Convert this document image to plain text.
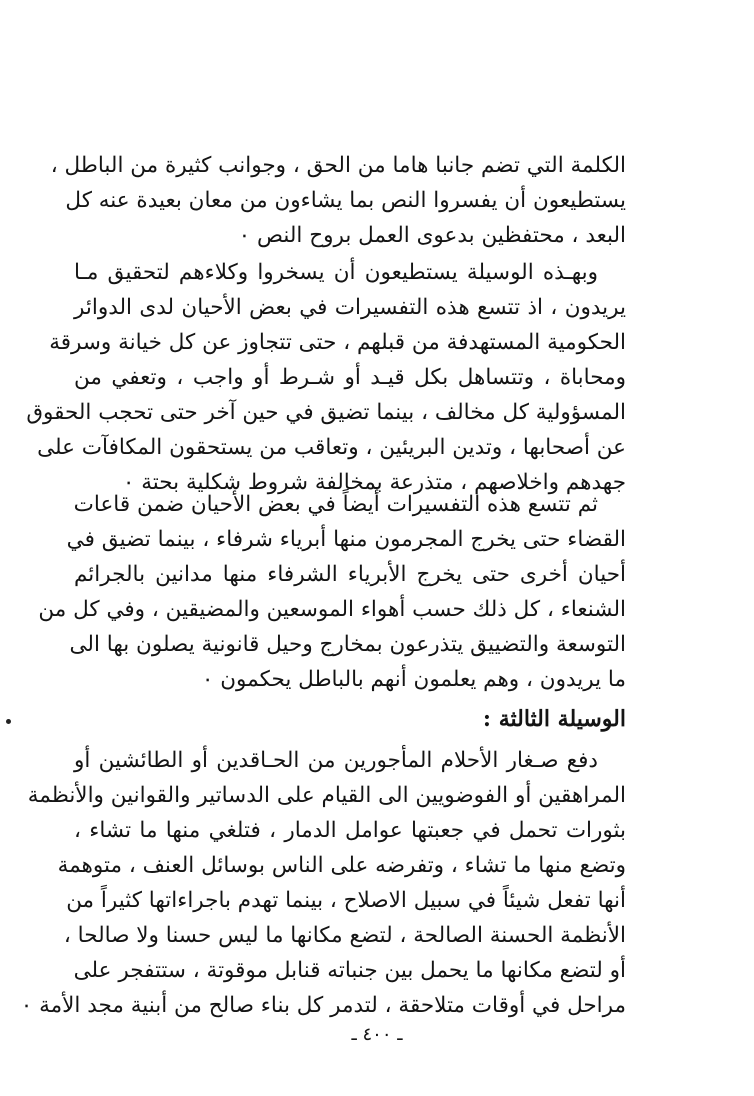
الكلمة التي تضم جانبا هاما من الحق ، وجوانب كثيرة من الباطل ،
يستطيعون أن يفسروا النص بما يشاءون من معان بعيدة عنه كل
البعد ، محتفظين بدعوى العمل بروح النص ٠
وبهـذه الوسيلة يستطيعون أن يسخروا وكلاءهم لتحقيق مـا
يريدون ، اذ تتسع هذه التفسيرات في بعض الأحيان لدى الدوائر
الحكومية المستهدفة من قبلهم ، حتى تتجاوز عن كل خيانة وسرقة
ومحاباة ، وتتساهل بكل قيـد أو شـرط أو واجب ، وتعفي من
المسؤولية كل مخالف ، بينما تضيق في حين آخر حتى تحجب الحقوق
عن أصحابها ، وتدين البريئين ، وتعاقب من يستحقون المكافآت على
جهدهم واخلاصهم ، متذرعة بمخالفة شروط شكلية بحتة ٠
ثم تتسع هذه التفسيرات أيضاً في بعض الأحيان ضمن قاعات
القضاء حتى يخرج المجرمون منها أبرياء شرفاء ، بينما تضيق في
أحيان أخرى حتى يخرج الأبرياء الشرفاء منها مدانين بالجرائم
الشنعاء ، كل ذلك حسب أهواء الموسعين والمضيقين ، وفي كل من
التوسعة والتضييق يتذرعون بمخارج وحيل قانونية يصلون بها الى
ما يريدون ، وهم يعلمون أنهم بالباطل يحكمون ٠
الوسيلة الثالثة :
دفع صـغار الأحلام المأجورين من الحـاقدين أو الطائشين أو
المراهقين أو الفوضويين الى القيام على الدساتير والقوانين والأنظمة
بثورات تحمل في جعبتها عوامل الدمار ، فتلغي منها ما تشاء ،
وتضع منها ما تشاء ، وتفرضه على الناس بوسائل العنف ، متوهمة
أنها تفعل شيئاً في سبيل الاصلاح ، بينما تهدم باجراءاتها كثيراً من
الأنظمة الحسنة الصالحة ، لتضع مكانها ما ليس حسنا ولا صالحا ،
أو لتضع مكانها ما يحمل بين جنباته قنابل موقوتة ، ستتفجر على
مراحل في أوقات متلاحقة ، لتدمر كل بناء صالح من أبنية مجد الأمة ٠
ـ ٤٠٠ ـ
